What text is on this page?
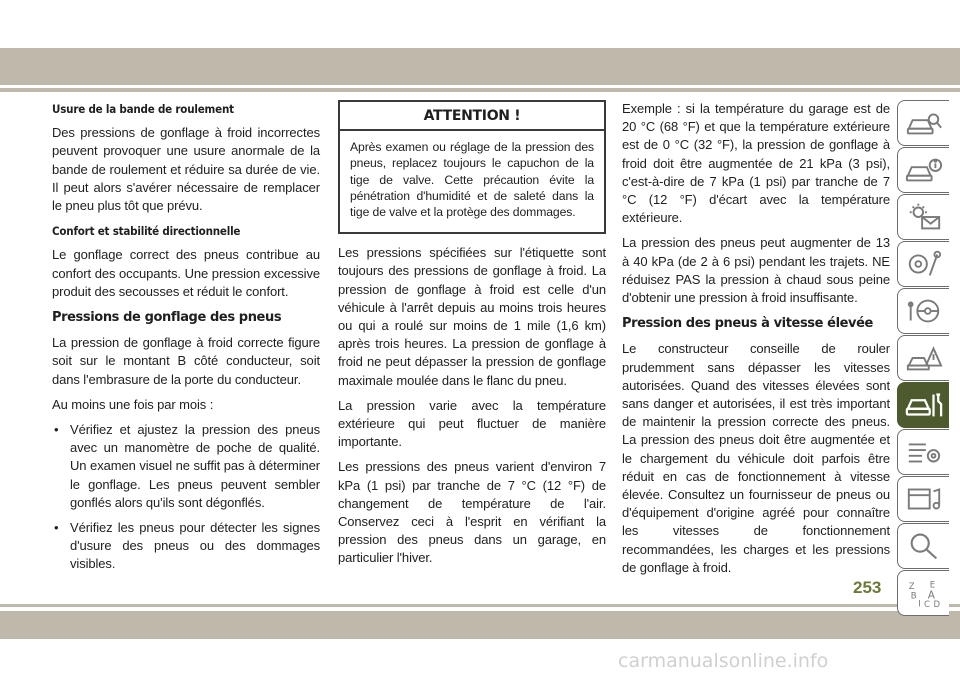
Usure de la bande de roulement

Des pressions de gonflage à froid incorrectes peuvent provoquer une usure anormale de la bande de roulement et réduire sa durée de vie. Il peut alors s'avérer nécessaire de remplacer le pneu plus tôt que prévu.

Confort et stabilité directionnelle

Le gonflage correct des pneus contribue au confort des occupants. Une pression excessive produit des secousses et réduit le confort.

Pressions de gonflage des pneus

La pression de gonflage à froid correcte figure soit sur le montant B côté conducteur, soit dans l'embrasure de la porte du conducteur.

Au moins une fois par mois :

• Vérifiez et ajustez la pression des pneus avec un manomètre de poche de qualité. Un examen visuel ne suffit pas à déterminer le gonflage. Les pneus peuvent sembler gonflés alors qu'ils sont dégonflés.
• Vérifiez les pneus pour détecter les signes d'usure des pneus ou des dommages visibles.
ATTENTION !
Après examen ou réglage de la pression des pneus, replacez toujours le capuchon de la tige de valve. Cette précaution évite la pénétration d'humidité et de saleté dans la tige de valve et la protège des dommages.

Les pressions spécifiées sur l'étiquette sont toujours des pressions de gonflage à froid. La pression de gonflage à froid est celle d'un véhicule à l'arrêt depuis au moins trois heures ou qui a roulé sur moins de 1 mile (1,6 km) après trois heures. La pression de gonflage à froid ne peut dépasser la pression de gonflage maximale moulée dans le flanc du pneu.

La pression varie avec la température extérieure qui peut fluctuer de manière importante.

Les pressions des pneus varient d'environ 7 kPa (1 psi) par tranche de 7 °C (12 °F) de changement de température de l'air. Conservez ceci à l'esprit en vérifiant la pression des pneus dans un garage, en particulier l'hiver.

Exemple : si la température du garage est de 20 °C (68 °F) et que la température extérieure est de 0 °C (32 °F), la pression de gonflage à froid doit être augmentée de 21 kPa (3 psi), c'est-à-dire de 7 kPa (1 psi) par tranche de 7 °C (12 °F) d'écart avec la température extérieure.

La pression des pneus peut augmenter de 13 à 40 kPa (de 2 à 6 psi) pendant les trajets. NE réduisez PAS la pression à chaud sous peine d'obtenir une pression à froid insuffisante.

Pression des pneus à vitesse élevée

Le constructeur conseille de rouler prudemment sans dépasser les vitesses autorisées. Quand des vitesses élevées sont sans danger et autorisées, il est très important de maintenir la pression correcte des pneus. La pression des pneus doit être augmentée et le chargement du véhicule doit parfois être réduit en cas de fonctionnement à vitesse élevée. Consultez un fournisseur de pneus ou d'équipement d'origine agréé pour connaître les vitesses de fonctionnement recommandées, les charges et les pressions de gonflage à froid.

Z E
B A
I C D
253
carmanualsonline.info
